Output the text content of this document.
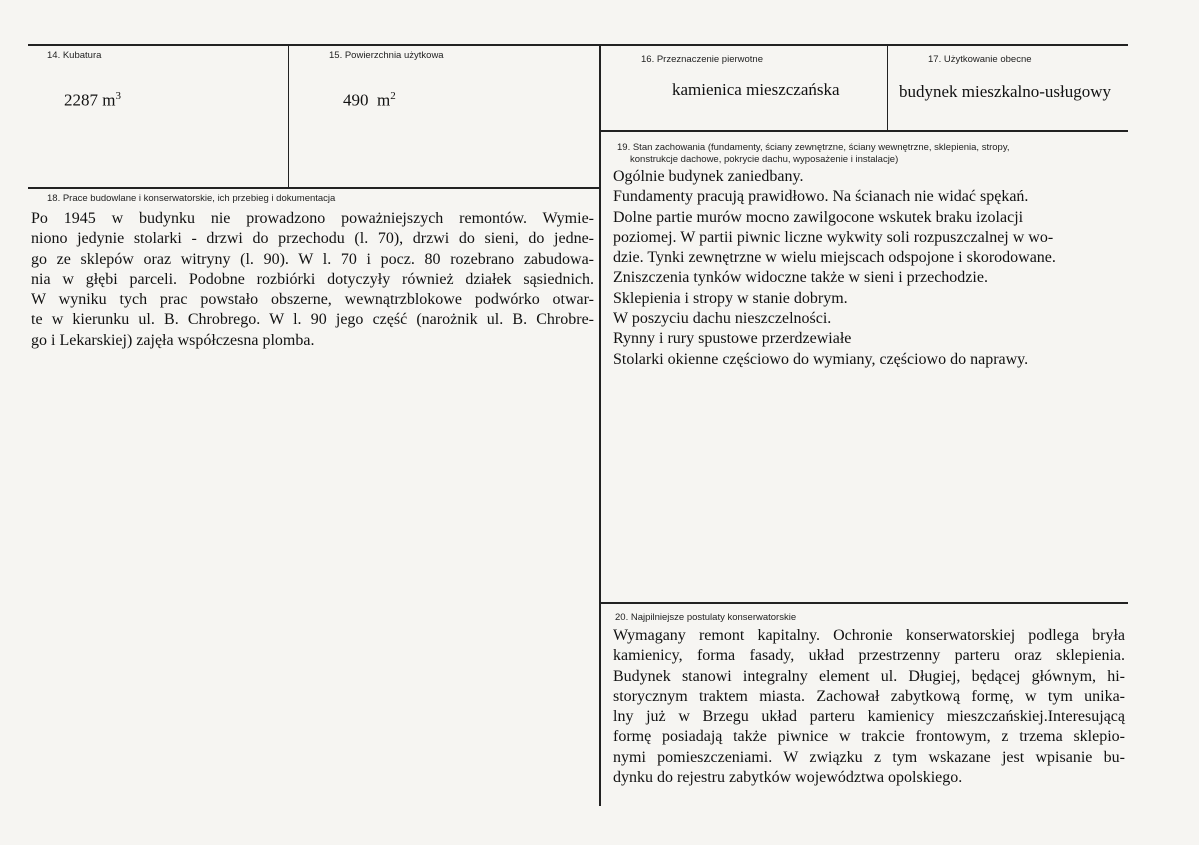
14. Kubatura
2287 $m^3$
15. Powierzchnia użytkowa
490 $m^2$
16. Przeznaczenie pierwotne
kamienica mieszczańska
17. Użytkowanie obecne
budynek mieszkalno-usługowy
19. Stan zachowania (fundamenty, ściany zewnętrzne, ściany wewnętrzne, sklepienia, stropy,
konstrukcje dachowe, pokrycie dachu, wyposażenie i instalacje)
Ogólnie budynek zaniedbany.
Fundamenty pracują prawidłowo. Na ścianach nie widać spękań.
Dolne partie murów mocno zawilgocone wskutek braku izolacji
poziomej. W partii piwnic liczne wykwity soli rozpuszczalnej w wo-
dzie. Tynki zewnętrzne w wielu miejscach odspojone i skorodowane.
Zniszczenia tynków widoczne także w sieni i przechodzie.
Sklepienia i stropy w stanie dobrym.
W poszyciu dachu nieszczelności.
Rynny i rury spustowe przerdzewiałe
Stolarki okienne częściowo do wymiany, częściowo do naprawy.
18. Prace budowlane i konserwatorskie, ich przebieg i dokumentacja
Po 1945 w budynku nie prowadzono poważniejszych remontów. Wymie-
niono jedynie stolarki - drzwi do przechodu (l. 70), drzwi do sieni, do jedne-
go ze sklepów oraz witryny (l. 90). W l. 70 i pocz. 80 rozebrano zabudowa-
nia w głębi parceli. Podobne rozbiórki dotyczyły również działek sąsiednich.
W wyniku tych prac powstało obszerne, wewnątrzblokowe podwórko otwar-
te w kierunku ul. B. Chrobrego. W l. 90 jego część (narożnik ul. B. Chrobre-
go i Lekarskiej) zajęła współczesna plomba.
20. Najpilniejsze postulaty konserwatorskie
Wymagany remont kapitalny. Ochronie konserwatorskiej podlega bryła
kamienicy, forma fasady, układ przestrzenny parteru oraz sklepienia.
Budynek stanowi integralny element ul. Długiej, będącej głównym, hi-
storycznym traktem miasta. Zachował zabytkową formę, w tym unika-
lny już w Brzegu układ parteru kamienicy mieszczańskiej.Interesującą
formę posiadają także piwnice w trakcie frontowym, z trzema sklepio-
nymi pomieszczeniami. W związku z tym wskazane jest wpisanie bu-
dynku do rejestru zabytków województwa opolskiego.
